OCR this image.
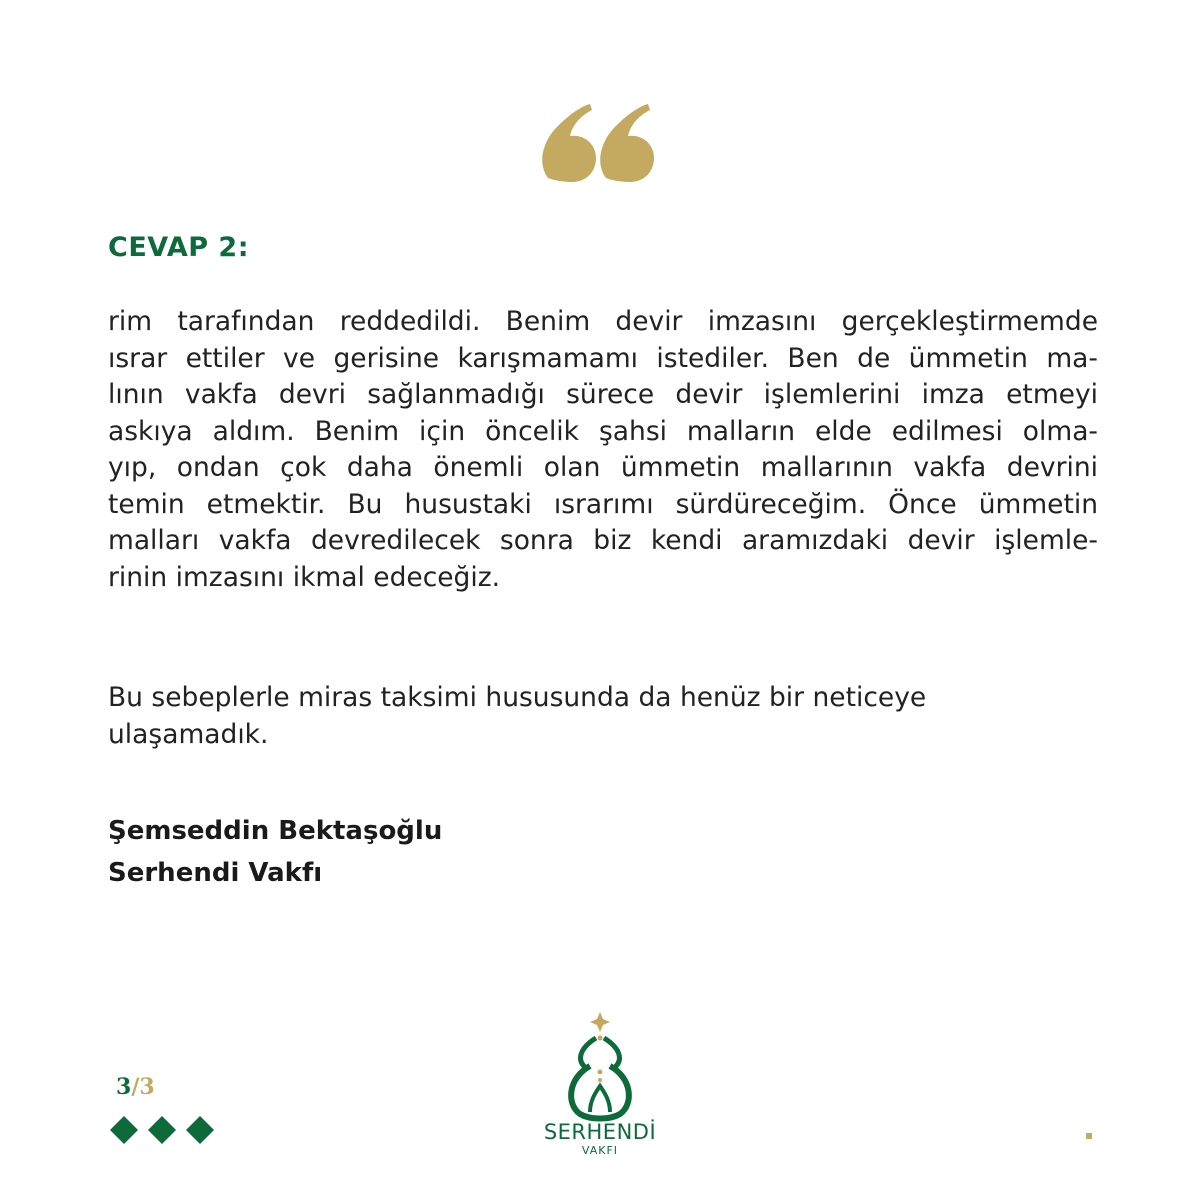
CEVAP 2:
rim tarafından reddedildi. Benim devir imzasını gerçekleştirmemde
ısrar ettiler ve gerisine karışmamamı istediler. Ben de ümmetin ma-
lının vakfa devri sağlanmadığı sürece devir işlemlerini imza etmeyi
askıya aldım. Benim için öncelik şahsi malların elde edilmesi olma-
yıp, ondan çok daha önemli olan ümmetin mallarının vakfa devrini
temin etmektir. Bu husustaki ısrarımı sürdüreceğim. Önce ümmetin
malları vakfa devredilecek sonra biz kendi aramızdaki devir işlemle-
rinin imzasını ikmal edeceğiz.
Bu sebeplerle miras taksimi hususunda da henüz bir neticeye
ulaşamadık.
Şemseddin Bektaşoğlu
Serhendi Vakfı
3/3
SERHENDİ
VAKFI
